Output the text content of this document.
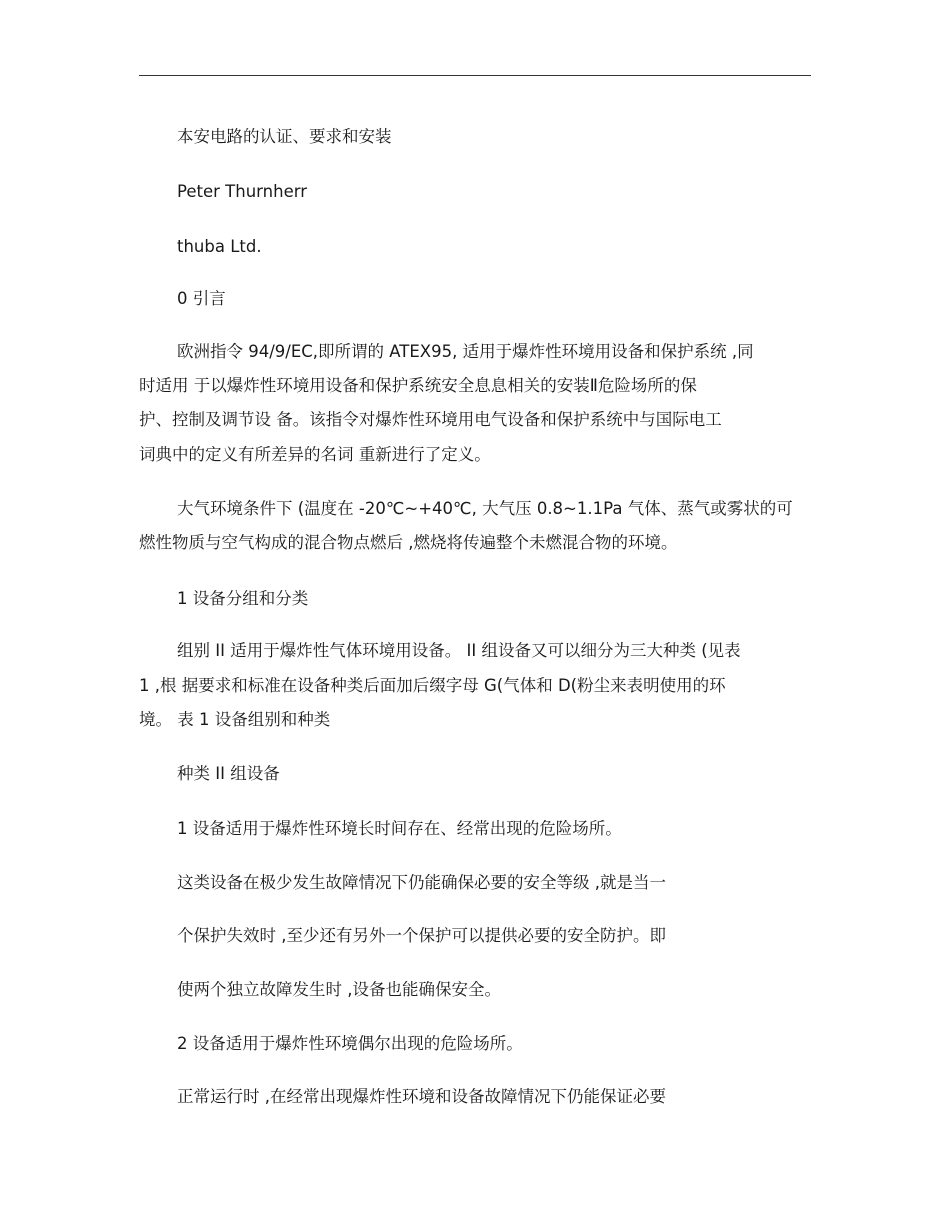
本安电路的认证、要求和安装
Peter Thurnherr
thuba Ltd.
0 引言
欧洲指令 94/9/EC,即所谓的 ATEX95, 适用于爆炸性环境用设备和保护系统 ,同
时适用 于以爆炸性环境用设备和保护系统安全息息相关的安装Ⅱ危险场所的保
护、控制及调节设 备。该指令对爆炸性环境用电气设备和保护系统中与国际电工
词典中的定义有所差异的名词 重新进行了定义。
大气环境条件下 (温度在 -20℃~+40℃, 大气压 0.8~1.1Pa 气体、蒸气或雾状的可
燃性物质与空气构成的混合物点燃后 ,燃烧将传遍整个未燃混合物的环境。
1 设备分组和分类
组别 II 适用于爆炸性气体环境用设备。 II 组设备又可以细分为三大种类 (见表
1 ,根 据要求和标准在设备种类后面加后缀字母 G(气体和 D(粉尘来表明使用的环
境。 表 1 设备组别和种类
种类 II 组设备
1 设备适用于爆炸性环境长时间存在、经常出现的危险场所。
这类设备在极少发生故障情况下仍能确保必要的安全等级 ,就是当一
个保护失效时 ,至少还有另外一个保护可以提供必要的安全防护。即
使两个独立故障发生时 ,设备也能确保安全。
2 设备适用于爆炸性环境偶尔出现的危险场所。
正常运行时 ,在经常出现爆炸性环境和设备故障情况下仍能保证必要
